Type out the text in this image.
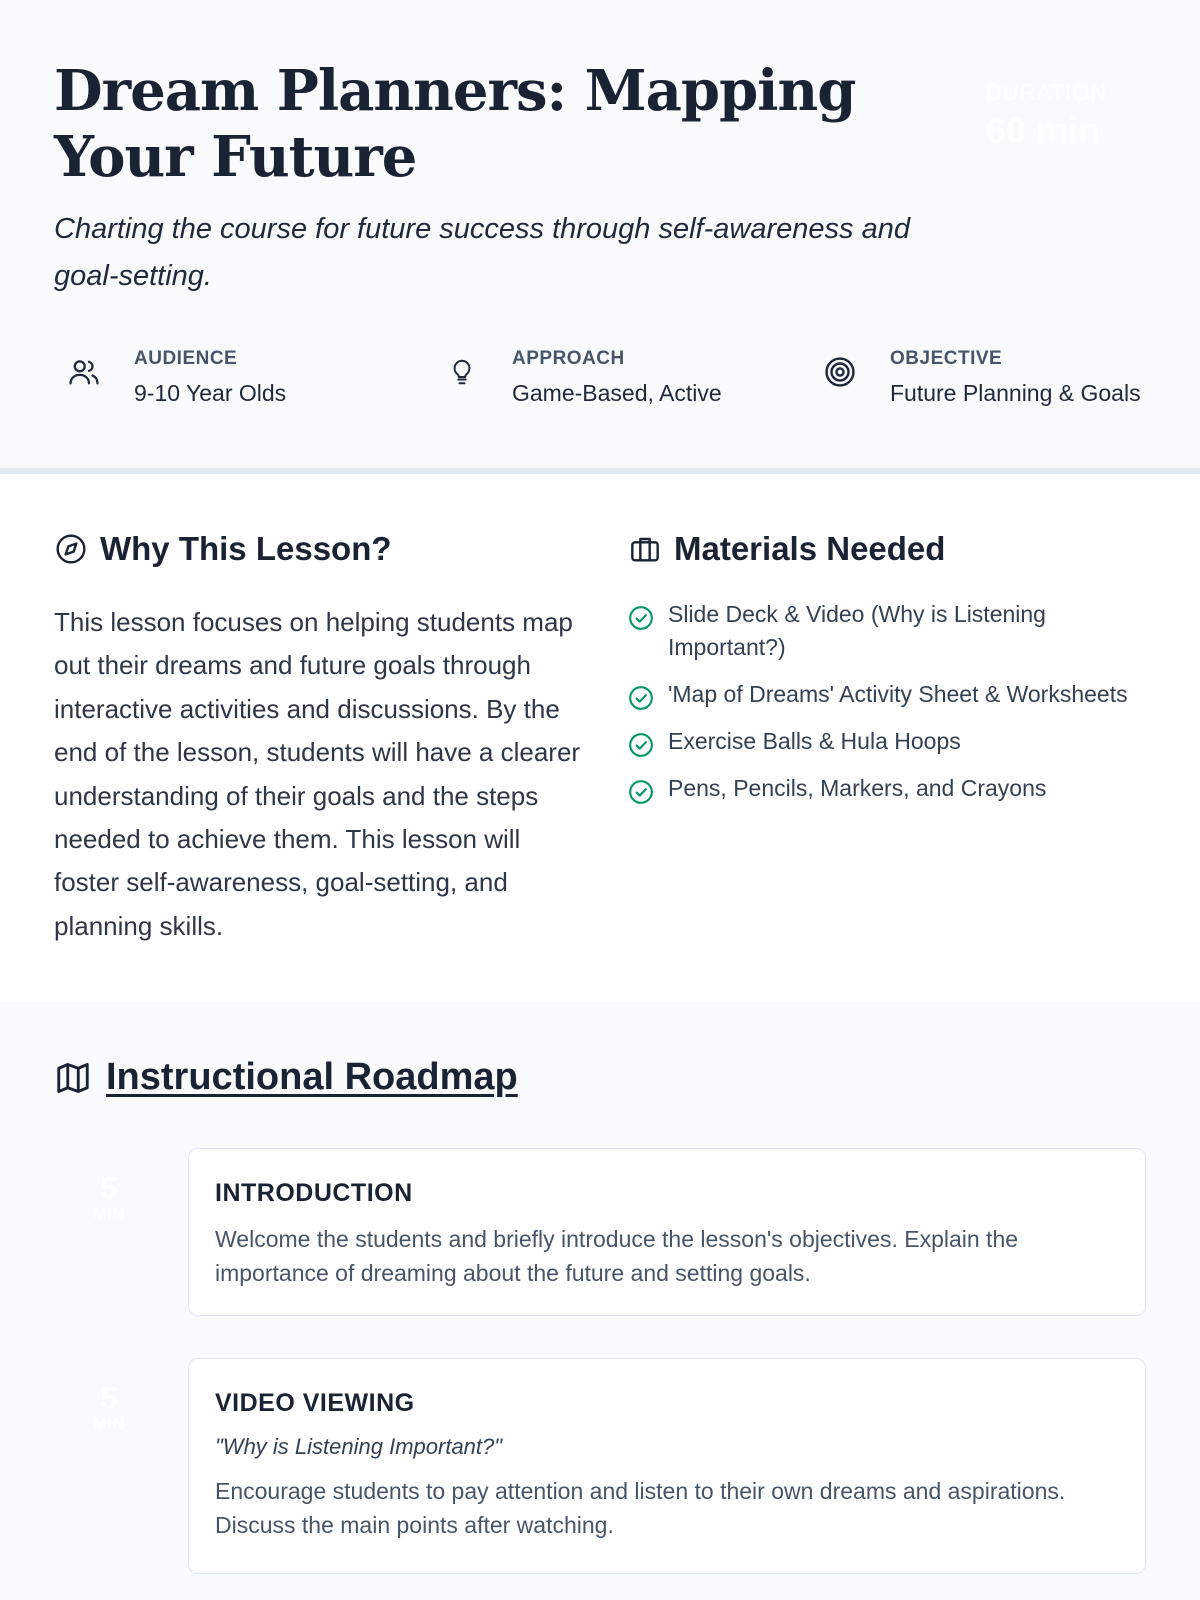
Dream Planners: Mapping Your Future

Charting the course for future success through self-awareness and goal-setting.

DURATION
60 min
AUDIENCE
9-10 Year Olds
APPROACH
Game-Based, Active
OBJECTIVE
Future Planning & Goals
Why This Lesson?

This lesson focuses on helping students map out their dreams and future goals through interactive activities and discussions. By the end of the lesson, students will have a clearer understanding of their goals and the steps needed to achieve them. This lesson will foster self-awareness, goal-setting, and planning skills.

Materials Needed
Slide Deck & Video (Why is Listening Important?)
'Map of Dreams' Activity Sheet & Worksheets
Exercise Balls & Hula Hoops
Pens, Pencils, Markers, and Crayons
Instructional Roadmap
5
MIN
INTRODUCTION
Welcome the students and briefly introduce the lesson's objectives. Explain the importance of dreaming about the future and setting goals.
5
MIN
VIDEO VIEWING
"Why is Listening Important?"
Encourage students to pay attention and listen to their own dreams and aspirations. Discuss the main points after watching.
